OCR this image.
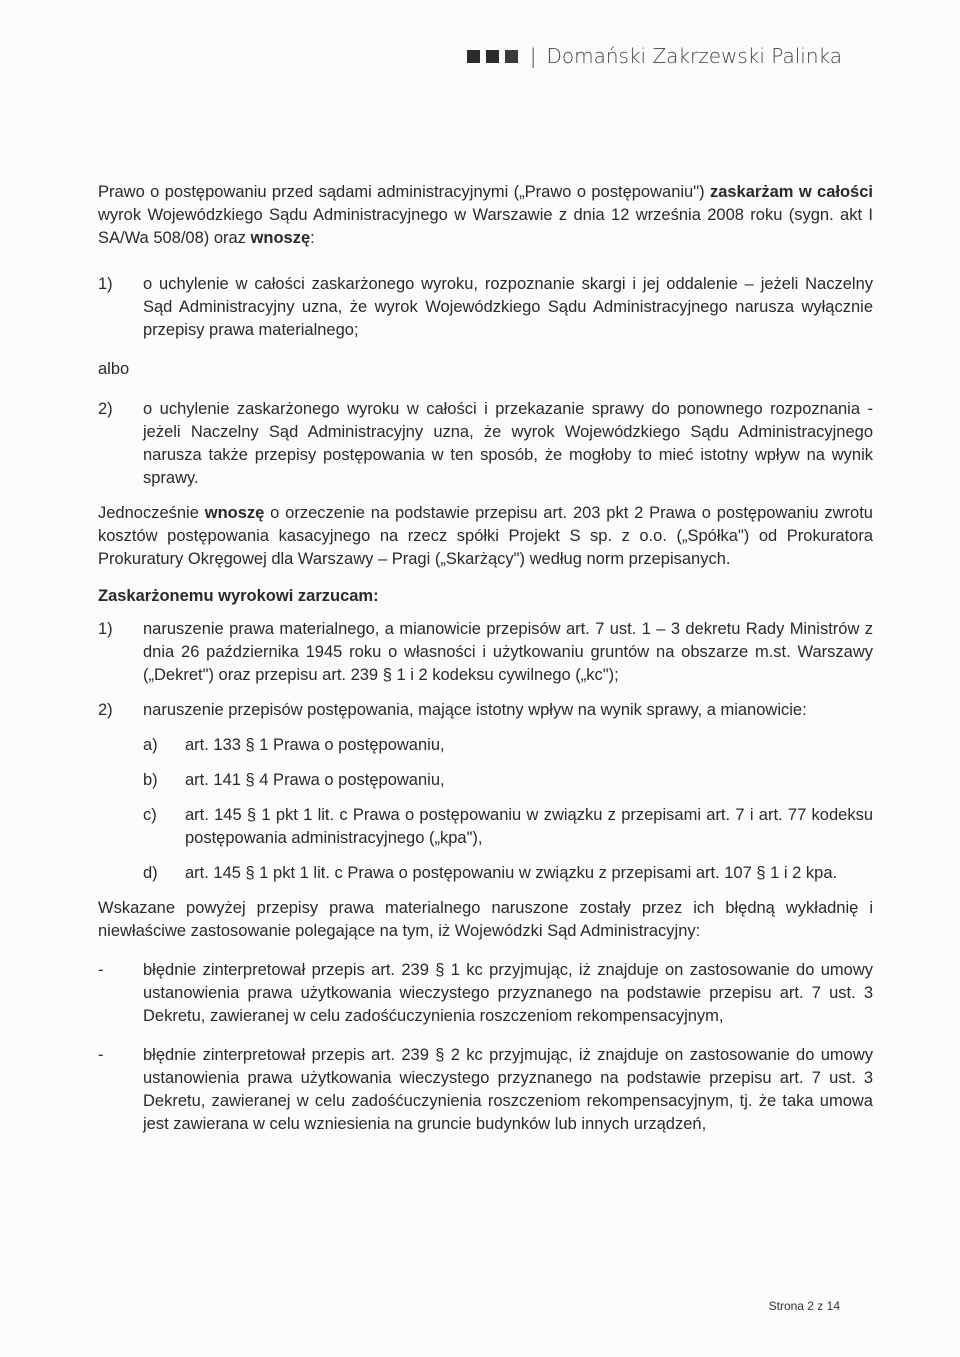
| Domański Zakrzewski Palinka

Prawo o postępowaniu przed sądami administracyjnymi („Prawo o postępowaniu") zaskarżam w całości wyrok Wojewódzkiego Sądu Administracyjnego w Warszawie z dnia 12 września 2008 roku (sygn. akt I SA/Wa 508/08) oraz wnoszę:

1)	o uchylenie w całości zaskarżonego wyroku, rozpoznanie skargi i jej oddalenie – jeżeli Naczelny Sąd Administracyjny uzna, że wyrok Wojewódzkiego Sądu Administracyjnego narusza wyłącznie przepisy prawa materialnego;
albo
2)	o uchylenie zaskarżonego wyroku w całości i przekazanie sprawy do ponownego rozpoznania - jeżeli Naczelny Sąd Administracyjny uzna, że wyrok Wojewódzkiego Sądu Administracyjnego narusza także przepisy postępowania w ten sposób, że mogłoby to mieć istotny wpływ na wynik sprawy.

Jednocześnie wnoszę o orzeczenie na podstawie przepisu art. 203 pkt 2 Prawa o postępowaniu zwrotu kosztów postępowania kasacyjnego na rzecz spółki Projekt S sp. z o.o. („Spółka") od Prokuratora Prokuratury Okręgowej dla Warszawy – Pragi („Skarżący") według norm przepisanych.

Zaskarżonemu wyrokowi zarzucam:
1)	naruszenie prawa materialnego, a mianowicie przepisów art. 7 ust. 1 – 3 dekretu Rady Ministrów z dnia 26 października 1945 roku o własności i użytkowaniu gruntów na obszarze m.st. Warszawy („Dekret") oraz przepisu art. 239 § 1 i 2 kodeksu cywilnego („kc");
2)	naruszenie przepisów postępowania, mające istotny wpływ na wynik sprawy, a mianowicie:
a)	art. 133 § 1 Prawa o postępowaniu,
b)	art. 141 § 4 Prawa o postępowaniu,
c)	art. 145 § 1 pkt 1 lit. c Prawa o postępowaniu w związku z przepisami art. 7 i art. 77 kodeksu postępowania administracyjnego („kpa"),
d)	art. 145 § 1 pkt 1 lit. c Prawa o postępowaniu w związku z przepisami art. 107 § 1 i 2 kpa.

Wskazane powyżej przepisy prawa materialnego naruszone zostały przez ich błędną wykładnię i niewłaściwe zastosowanie polegające na tym, iż Wojewódzki Sąd Administracyjny:

-	błędnie zinterpretował przepis art. 239 § 1 kc przyjmując, iż znajduje on zastosowanie do umowy ustanowienia prawa użytkowania wieczystego przyznanego na podstawie przepisu art. 7 ust. 3 Dekretu, zawieranej w celu zadośćuczynienia roszczeniom rekompensacyjnym,
-	błędnie zinterpretował przepis art. 239 § 2 kc przyjmując, iż znajduje on zastosowanie do umowy ustanowienia prawa użytkowania wieczystego przyznanego na podstawie przepisu art. 7 ust. 3 Dekretu, zawieranej w celu zadośćuczynienia roszczeniom rekompensacyjnym, tj. że taka umowa jest zawierana w celu wzniesienia na gruncie budynków lub innych urządzeń,
Strona 2 z 14
